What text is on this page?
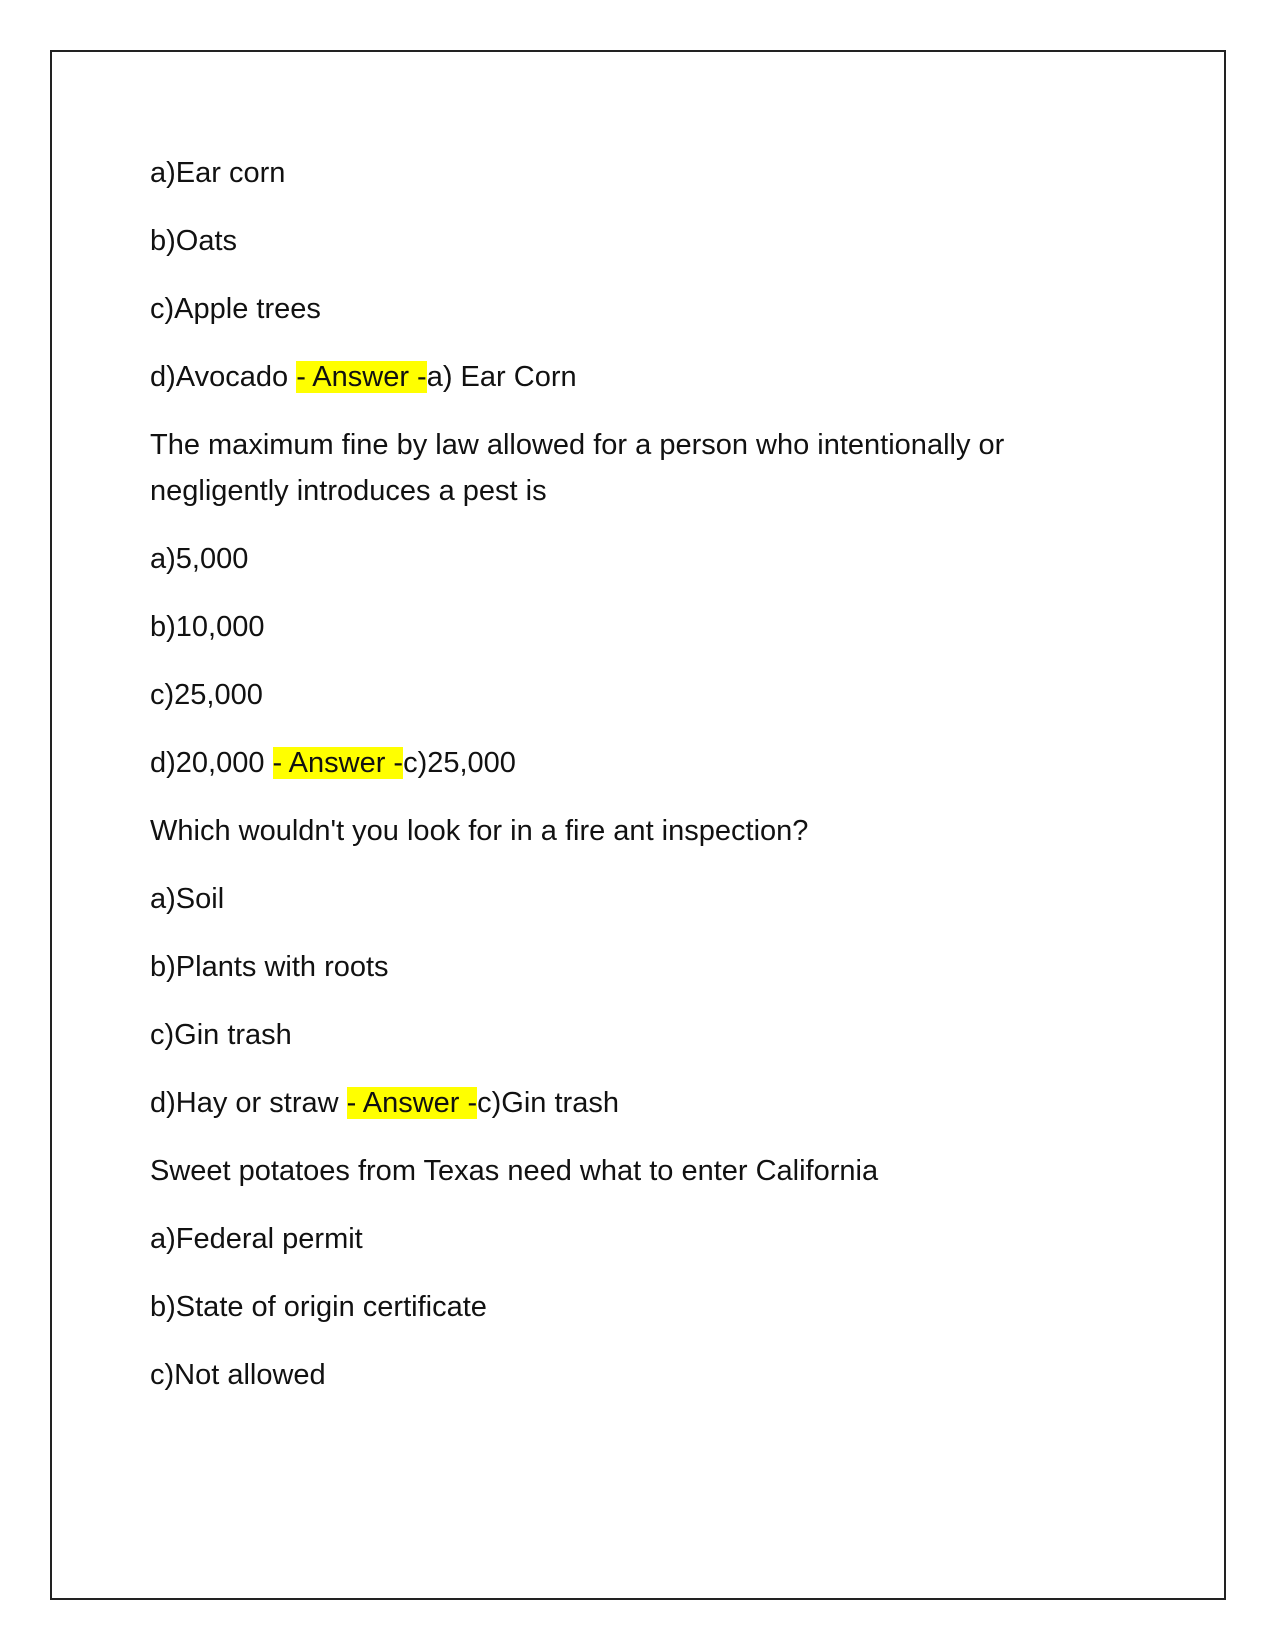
a)Ear corn

b)Oats

c)Apple trees

d)Avocado - Answer -a) Ear Corn

The maximum fine by law allowed for a person who intentionally or negligently introduces a pest is

a)5,000

b)10,000

c)25,000

d)20,000 - Answer -c)25,000

Which wouldn't you look for in a fire ant inspection?

a)Soil

b)Plants with roots

c)Gin trash

d)Hay or straw - Answer -c)Gin trash

Sweet potatoes from Texas need what to enter California

a)Federal permit

b)State of origin certificate

c)Not allowed
